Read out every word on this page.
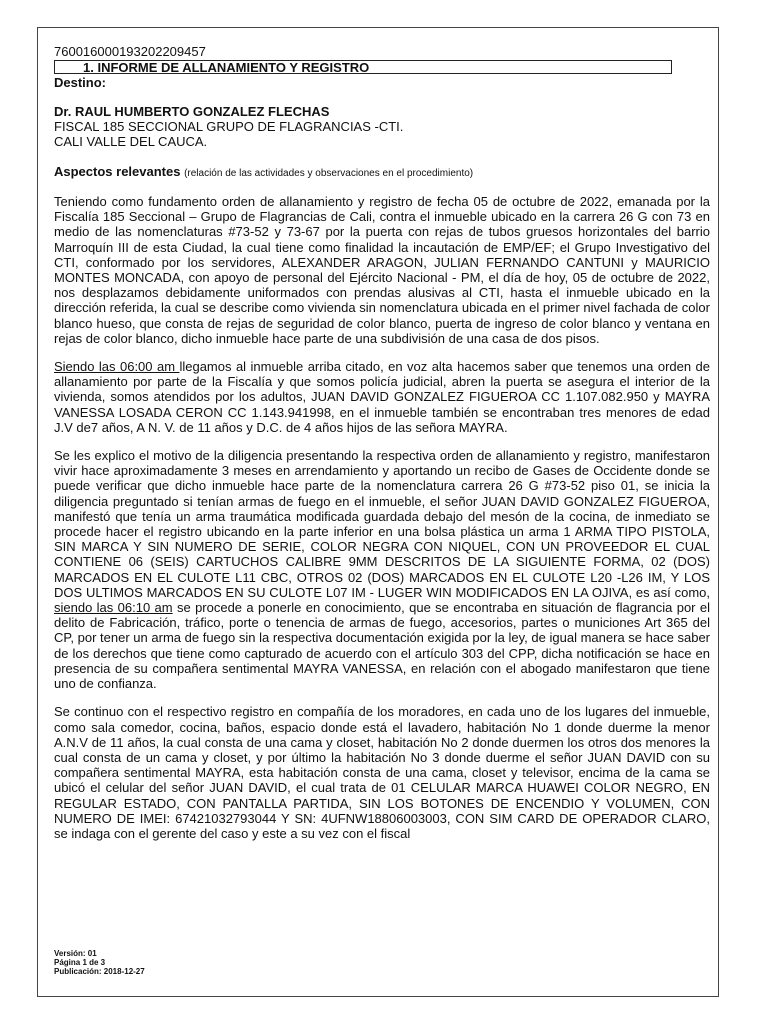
760016000193202209457
1. INFORME DE ALLANAMIENTO Y REGISTRO
Destino:
Dr. RAUL HUMBERTO GONZALEZ FLECHAS
FISCAL 185 SECCIONAL GRUPO DE FLAGRANCIAS -CTI.
CALI VALLE DEL CAUCA.
Aspectos relevantes (relación de las actividades y observaciones en el procedimiento)
Teniendo como fundamento orden de allanamiento y registro de fecha 05 de octubre de 2022, emanada por la Fiscalía 185 Seccional – Grupo de Flagrancias de Cali, contra el inmueble ubicado en la carrera 26 G con 73 en medio de las nomenclaturas #73-52 y 73-67 por la puerta con rejas de tubos gruesos horizontales del barrio Marroquín III de esta Ciudad, la cual tiene como finalidad la incautación de EMP/EF; el Grupo Investigativo del CTI, conformado por los servidores, ALEXANDER ARAGON, JULIAN FERNANDO CANTUNI y MAURICIO MONTES MONCADA, con apoyo de personal del Ejército Nacional - PM, el día de hoy, 05 de octubre de 2022, nos desplazamos debidamente uniformados con prendas alusivas al CTI, hasta el inmueble ubicado en la dirección referida, la cual se describe como vivienda sin nomenclatura ubicada en el primer nivel fachada de color blanco hueso, que consta de rejas de seguridad de color blanco, puerta de ingreso de color blanco y ventana en rejas de color blanco, dicho inmueble hace parte de una subdivisión de una casa de dos pisos.
Siendo las 06:00 am llegamos al inmueble arriba citado, en voz alta hacemos saber que tenemos una orden de allanamiento por parte de la Fiscalía y que somos policía judicial, abren la puerta se asegura el interior de la vivienda, somos atendidos por los adultos, JUAN DAVID GONZALEZ FIGUEROA CC 1.107.082.950 y MAYRA VANESSA LOSADA CERON CC 1.143.941998, en el inmueble también se encontraban tres menores de edad J.V de7 años, A N. V. de 11 años y D.C. de 4 años hijos de las señora MAYRA.
Se les explico el motivo de la diligencia presentando la respectiva orden de allanamiento y registro, manifestaron vivir hace aproximadamente 3 meses en arrendamiento y aportando un recibo de Gases de Occidente donde se puede verificar que dicho inmueble hace parte de la nomenclatura carrera 26 G #73-52 piso 01, se inicia la diligencia preguntado si tenían armas de fuego en el inmueble, el señor JUAN DAVID GONZALEZ FIGUEROA, manifestó que tenía un arma traumática modificada guardada debajo del mesón de la cocina, de inmediato se procede hacer el registro ubicando en la parte inferior en una bolsa plástica un arma 1 ARMA TIPO PISTOLA, SIN MARCA Y SIN NUMERO DE SERIE, COLOR NEGRA CON NIQUEL, CON UN PROVEEDOR EL CUAL CONTIENE 06 (SEIS) CARTUCHOS CALIBRE 9MM DESCRITOS DE LA SIGUIENTE FORMA, 02 (DOS) MARCADOS EN EL CULOTE L11 CBC, OTROS 02 (DOS) MARCADOS EN EL CULOTE L20 -L26 IM, Y LOS DOS ULTIMOS MARCADOS EN SU CULOTE L07 IM - LUGER WIN MODIFICADOS EN LA OJIVA, es así como, siendo las 06:10 am se procede a ponerle en conocimiento, que se encontraba en situación de flagrancia por el delito de Fabricación, tráfico, porte o tenencia de armas de fuego, accesorios, partes o municiones Art 365 del CP, por tener un arma de fuego sin la respectiva documentación exigida por la ley, de igual manera se hace saber de los derechos que tiene como capturado de acuerdo con el artículo 303 del CPP, dicha notificación se hace en presencia de su compañera sentimental MAYRA VANESSA, en relación con el abogado manifestaron que tiene uno de confianza.
Se continuo con el respectivo registro en compañía de los moradores, en cada uno de los lugares del inmueble, como sala comedor, cocina, baños, espacio donde está el lavadero, habitación No 1 donde duerme la menor A.N.V de 11 años, la cual consta de una cama y closet, habitación No 2 donde duermen los otros dos menores la cual consta de un cama y closet, y por último la habitación No 3 donde duerme el señor JUAN DAVID con su compañera sentimental MAYRA, esta habitación consta de una cama, closet y televisor, encima de la cama se ubicó el celular del señor JUAN DAVID, el cual trata de 01 CELULAR MARCA HUAWEI COLOR NEGRO, EN REGULAR ESTADO, CON PANTALLA PARTIDA, SIN LOS BOTONES DE ENCENDIO Y VOLUMEN, CON NUMERO DE IMEI: 67421032793044 Y SN: 4UFNW18806003003, CON SIM CARD DE OPERADOR CLARO, se indaga con el gerente del caso y este a su vez con el fiscal
Versión: 01
Página 1 de 3
Publicación: 2018-12-27
